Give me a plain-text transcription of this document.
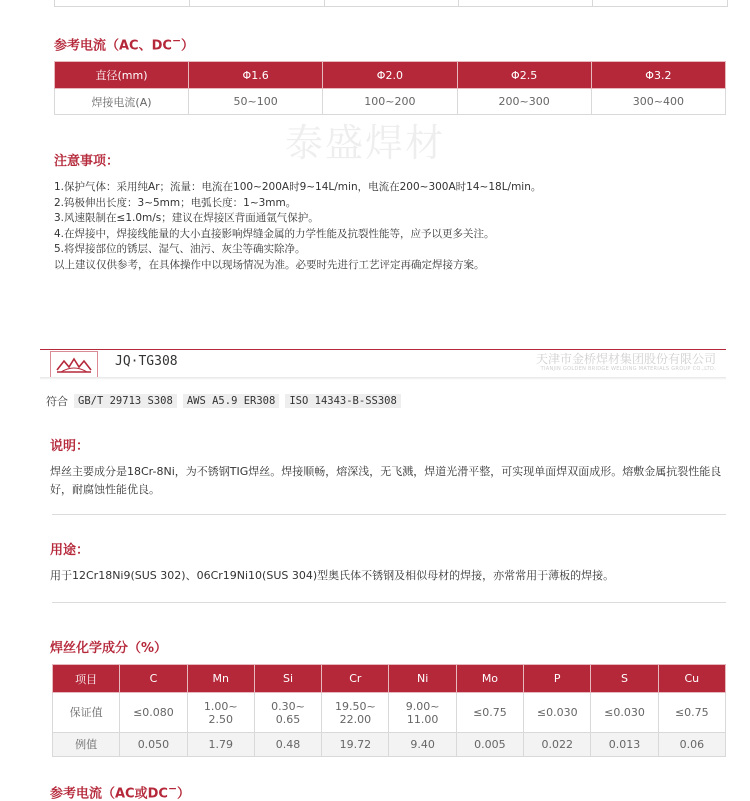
参考电流（AC、DC−）
直径(mm)	Φ1.6	Φ2.0	Φ2.5	Φ3.2
焊接电流(A)	50~100	100~200	200~300	300~400
泰盛焊材
注意事项：
1.保护气体：采用纯Ar；流量：电流在100~200A时9~14L/min，电流在200~300A时14~18L/min。
2.钨极伸出长度：3~5mm；电弧长度：1~3mm。
3.风速限制在≤1.0m/s；建议在焊接区背面通氩气保护。
4.在焊接中，焊接线能量的大小直接影响焊缝金属的力学性能及抗裂性能等，应予以更多关注。
5.将焊接部位的锈层、湿气、油污、灰尘等确实除净。
以上建议仅供参考，在具体操作中以现场情况为准。必要时先进行工艺评定再确定焊接方案。
JQ·TG308	天津市金桥焊材集团股份有限公司
TIANJIN GOLDEN BRIDGE WELDING MATERIALS GROUP CO.,LTD.
符合 GB/T 29713 S308	AWS A5.9 ER308	ISO 14343-B-SS308
说明：
焊丝主要成分是18Cr-8Ni，为不锈钢TIG焊丝。焊接顺畅，熔深浅，无飞溅，焊道光滑平整，可实现单面焊双面成形。熔敷金属抗裂性能良好，耐腐蚀性能优良。
用途：
用于12Cr18Ni9(SUS 302)、06Cr19Ni10(SUS 304)型奥氏体不锈钢及相似母材的焊接，亦常常用于薄板的焊接。
焊丝化学成分（%）
项目	C	Mn	Si	Cr	Ni	Mo	P	S	Cu
保证值	≤0.080	1.00~
2.50	0.30~
0.65	19.50~
22.00	9.00~
11.00	≤0.75	≤0.030	≤0.030	≤0.75

例值	0.050	1.79	0.48	19.72	9.40	0.005	0.022	0.013	0.06
参考电流（AC或DC−）
